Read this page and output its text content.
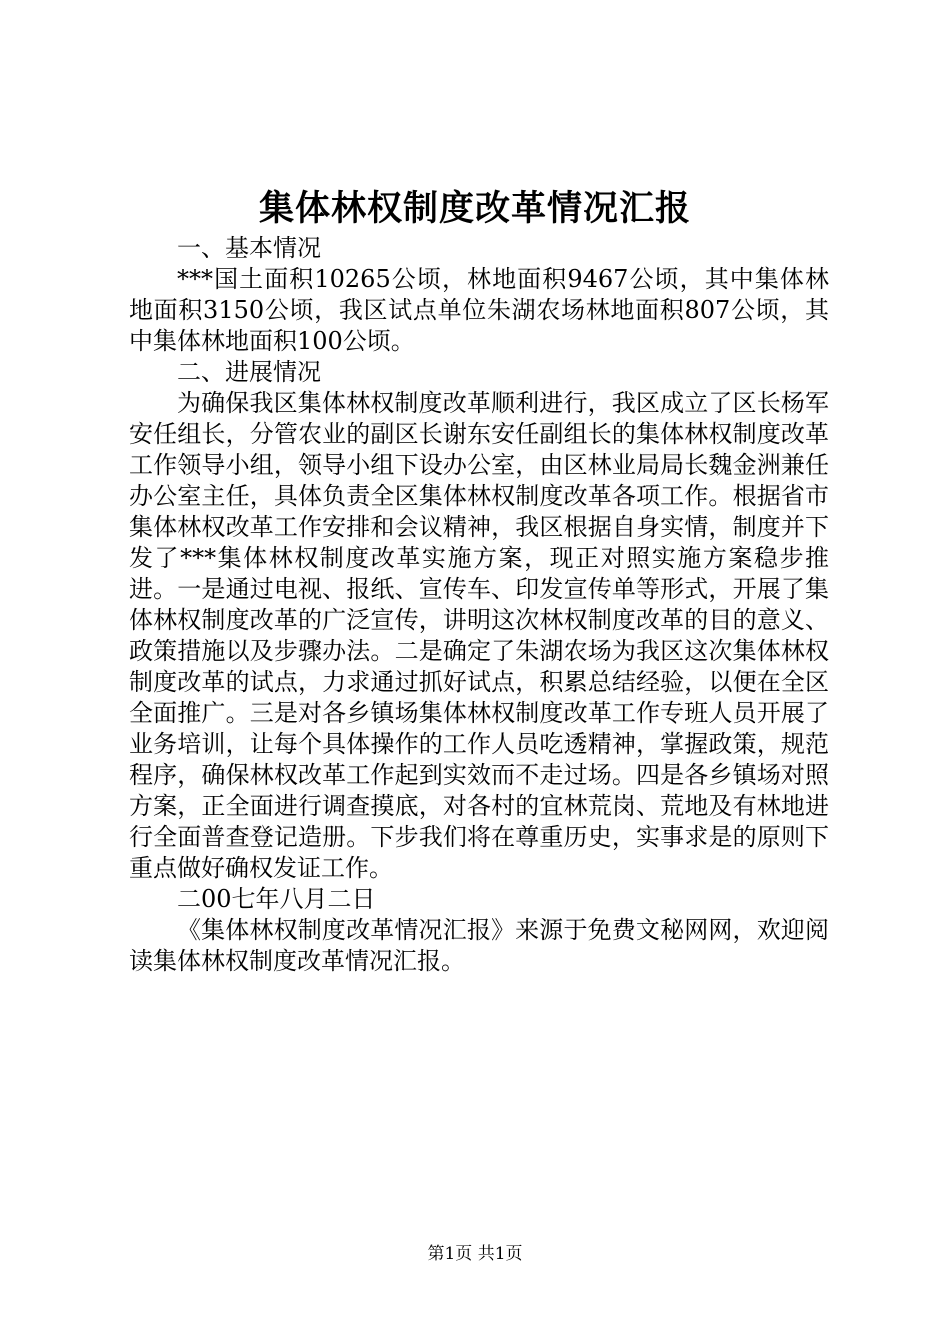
集体林权制度改革情况汇报

一、基本情况

***国土面积10265公顷，林地面积9467公顷，其中集体林地面积3150公顷，我区试点单位朱湖农场林地面积807公顷，其中集体林地面积100公顷。

二、进展情况

为确保我区集体林权制度改革顺利进行，我区成立了区长杨军安任组长，分管农业的副区长谢东安任副组长的集体林权制度改革工作领导小组，领导小组下设办公室，由区林业局局长魏金洲兼任办公室主任，具体负责全区集体林权制度改革各项工作。根据省市集体林权改革工作安排和会议精神，我区根据自身实情，制度并下发了***集体林权制度改革实施方案，现正对照实施方案稳步推进。一是通过电视、报纸、宣传车、印发宣传单等形式，开展了集体林权制度改革的广泛宣传，讲明这次林权制度改革的目的意义、政策措施以及步骤办法。二是确定了朱湖农场为我区这次集体林权制度改革的试点，力求通过抓好试点，积累总结经验，以便在全区全面推广。三是对各乡镇场集体林权制度改革工作专班人员开展了业务培训，让每个具体操作的工作人员吃透精神，掌握政策，规范程序，确保林权改革工作起到实效而不走过场。四是各乡镇场对照方案，正全面进行调查摸底，对各村的宜林荒岗、荒地及有林地进行全面普查登记造册。下步我们将在尊重历史，实事求是的原则下重点做好确权发证工作。

二00七年八月二日

《集体林权制度改革情况汇报》来源于免费文秘网网，欢迎阅读集体林权制度改革情况汇报。

第1页 共1页
